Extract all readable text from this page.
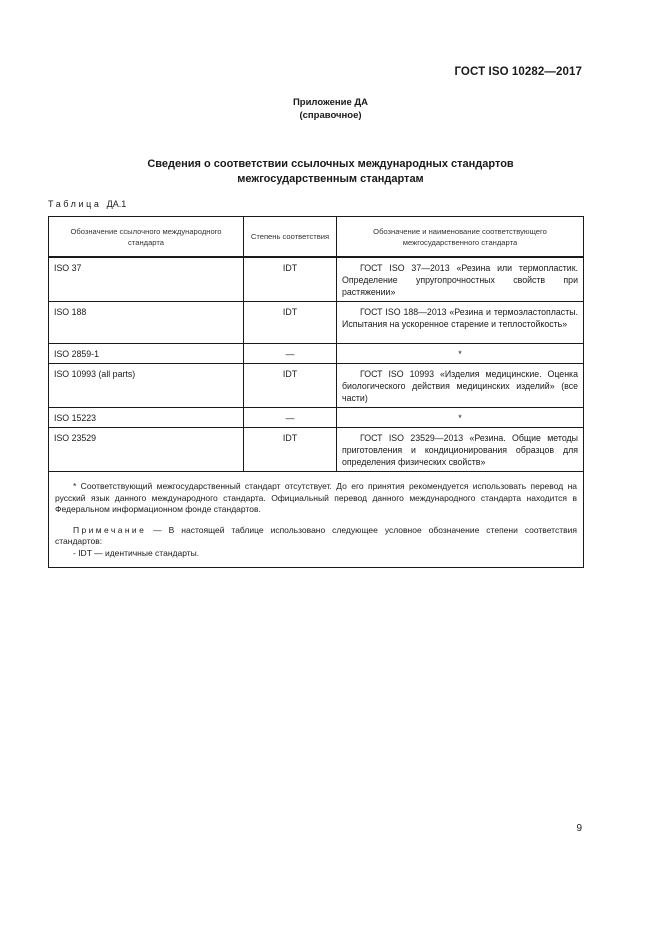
ГОСТ ISO 10282—2017
Приложение ДА
(справочное)
Сведения о соответствии ссылочных международных стандартов
межгосударственным стандартам
Таблица ДА.1
Обозначение ссылочного международного стандарта	Степень соответствия	Обозначение и наименование соответствующего межгосударственного стандарта
ISO 37	IDT	ГОСТ ISO 37—2013 «Резина или термопластик. Определение упругопрочностных свойств при растяжении»
ISO 188	IDT	ГОСТ ISO 188—2013 «Резина и термоэластопласты. Испытания на ускоренное старение и теплостойкость»
ISO 2859-1	—	*
ISO 10993 (all parts)	IDT	ГОСТ ISO 10993 «Изделия медицинские. Оценка биологического действия медицинских изделий» (все части)
ISO 15223	—	*
ISO 23529	IDT	ГОСТ ISO 23529—2013 «Резина. Общие методы приготовления и кондиционирования образцов для определения физических свойств»

* Соответствующий межгосударственный стандарт отсутствует. До его принятия рекомендуется использовать перевод на русский язык данного международного стандарта. Официальный перевод данного международного стандарта находится в Федеральном информационном фонде стандартов.

Примечание — В настоящей таблице использовано следующее условное обозначение степени соответствия стандартов:

- IDT — идентичные стандарты.		

9
